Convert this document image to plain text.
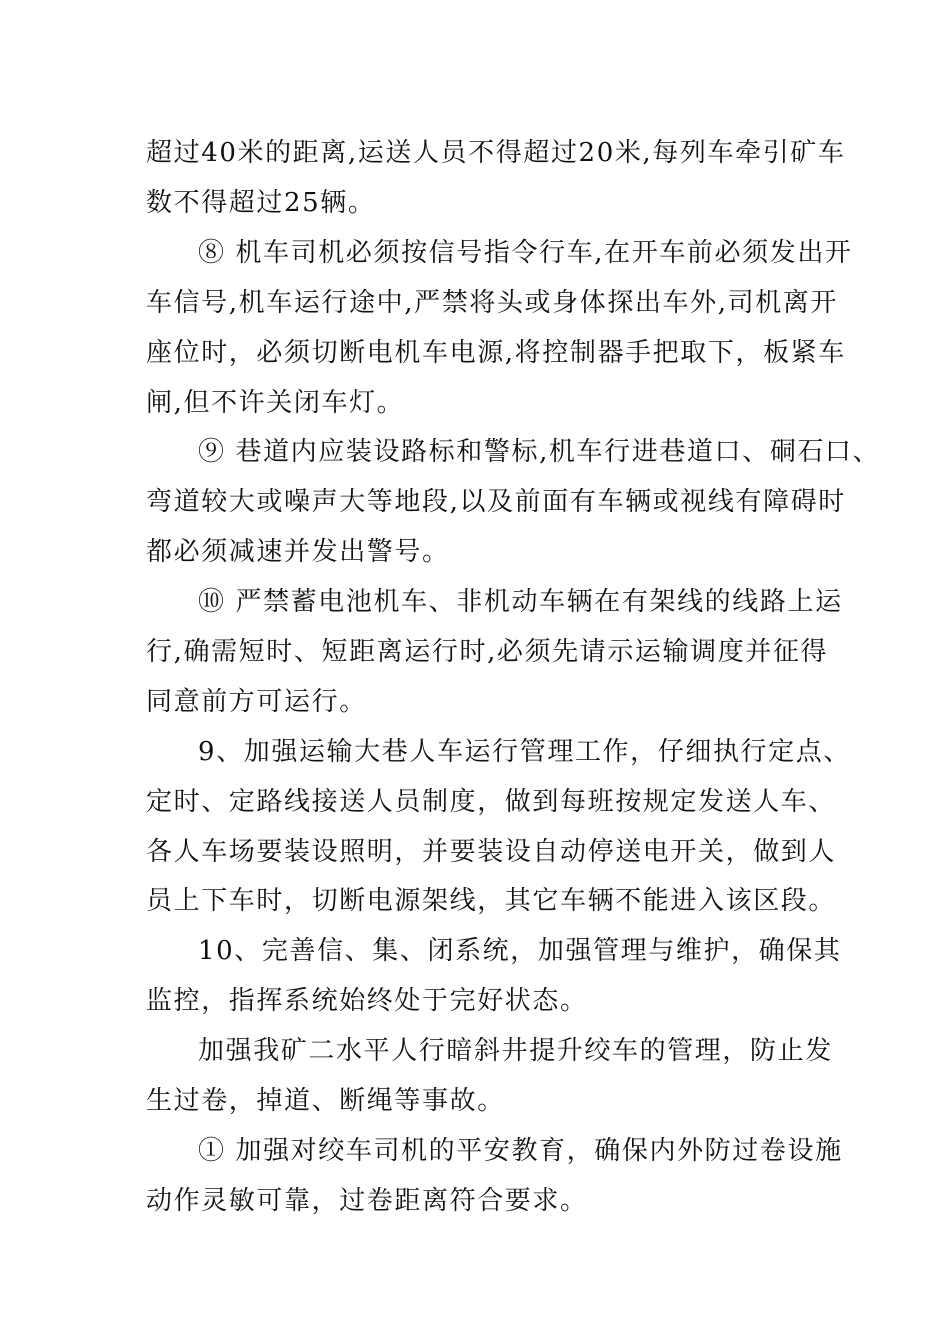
超过40米的距离,运送人员不得超过20米,每列车牵引矿车
数不得超过25辆。
⑧ 机车司机必须按信号指令行车,在开车前必须发出开
车信号,机车运行途中,严禁将头或身体探出车外,司机离开
座位时，必须切断电机车电源,将控制器手把取下，板紧车
闸,但不许关闭车灯。
⑨ 巷道内应装设路标和警标,机车行进巷道口、硐石口、
弯道较大或噪声大等地段,以及前面有车辆或视线有障碍时
都必须减速并发出警号。
⑩ 严禁蓄电池机车、非机动车辆在有架线的线路上运
行,确需短时、短距离运行时,必须先请示运输调度并征得
同意前方可运行。
9、加强运输大巷人车运行管理工作，仔细执行定点、
定时、定路线接送人员制度，做到每班按规定发送人车、
各人车场要装设照明，并要装设自动停送电开关，做到人
员上下车时，切断电源架线，其它车辆不能进入该区段。
10、完善信、集、闭系统，加强管理与维护，确保其
监控，指挥系统始终处于完好状态。
加强我矿二水平人行暗斜井提升绞车的管理，防止发
生过卷，掉道、断绳等事故。
① 加强对绞车司机的平安教育，确保内外防过卷设施
动作灵敏可靠，过卷距离符合要求。
